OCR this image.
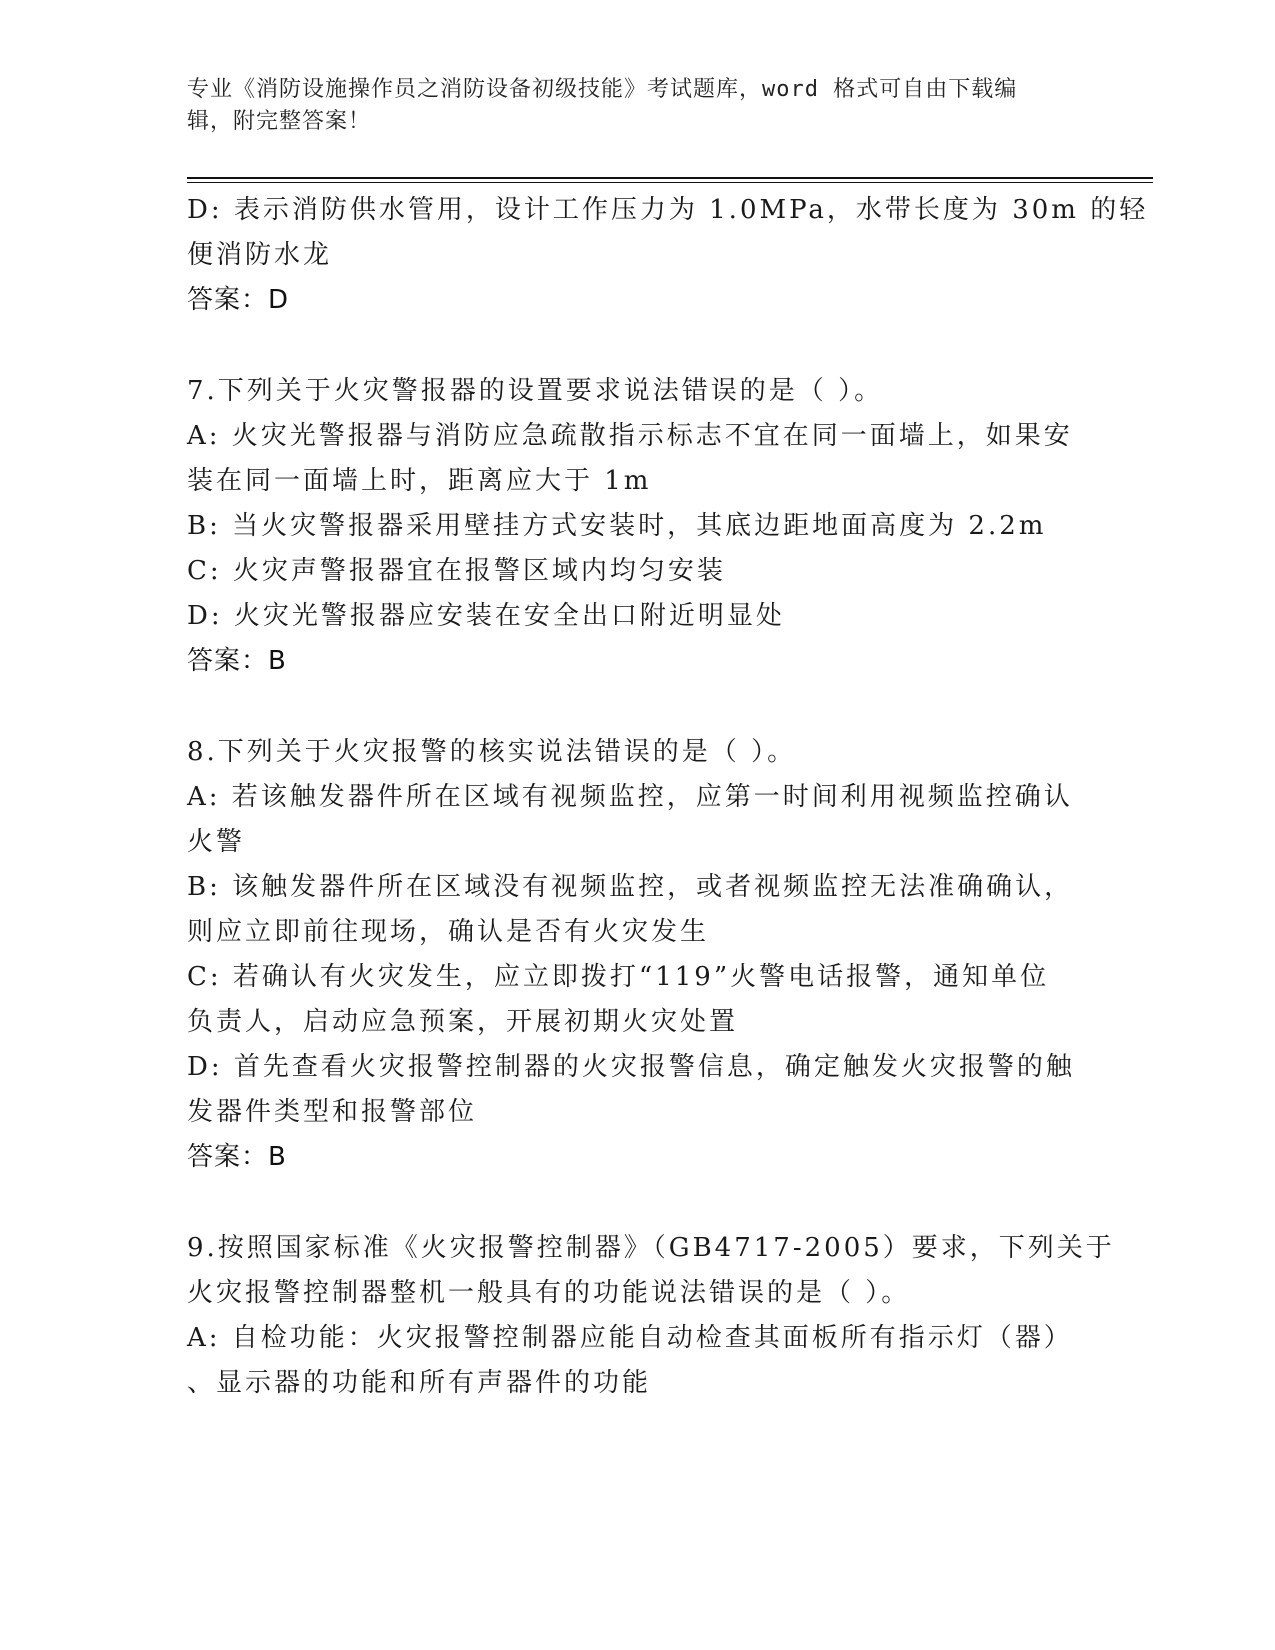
专业《消防设施操作员之消防设备初级技能》考试题库，word 格式可自由下载编
辑，附完整答案！
D: 表示消防供水管用，设计工作压力为 1.0MPa，水带长度为 30m 的轻
便消防水龙
答案：D
7.下列关于火灾警报器的设置要求说法错误的是（ ）。
A: 火灾光警报器与消防应急疏散指示标志不宜在同一面墙上，如果安
装在同一面墙上时，距离应大于 1m
B: 当火灾警报器采用壁挂方式安装时，其底边距地面高度为 2.2m
C: 火灾声警报器宜在报警区域内均匀安装
D: 火灾光警报器应安装在安全出口附近明显处
答案：B
8.下列关于火灾报警的核实说法错误的是（ ）。
A: 若该触发器件所在区域有视频监控，应第一时间利用视频监控确认
火警
B: 该触发器件所在区域没有视频监控，或者视频监控无法准确确认，
则应立即前往现场，确认是否有火灾发生
C: 若确认有火灾发生，应立即拨打“119”火警电话报警，通知单位
负责人，启动应急预案，开展初期火灾处置
D: 首先查看火灾报警控制器的火灾报警信息，确定触发火灾报警的触
发器件类型和报警部位
答案：B
9.按照国家标准《火灾报警控制器》（GB4717-2005）要求，下列关于
火灾报警控制器整机一般具有的功能说法错误的是（ ）。
A: 自检功能：火灾报警控制器应能自动检查其面板所有指示灯（器）
、显示器的功能和所有声器件的功能
